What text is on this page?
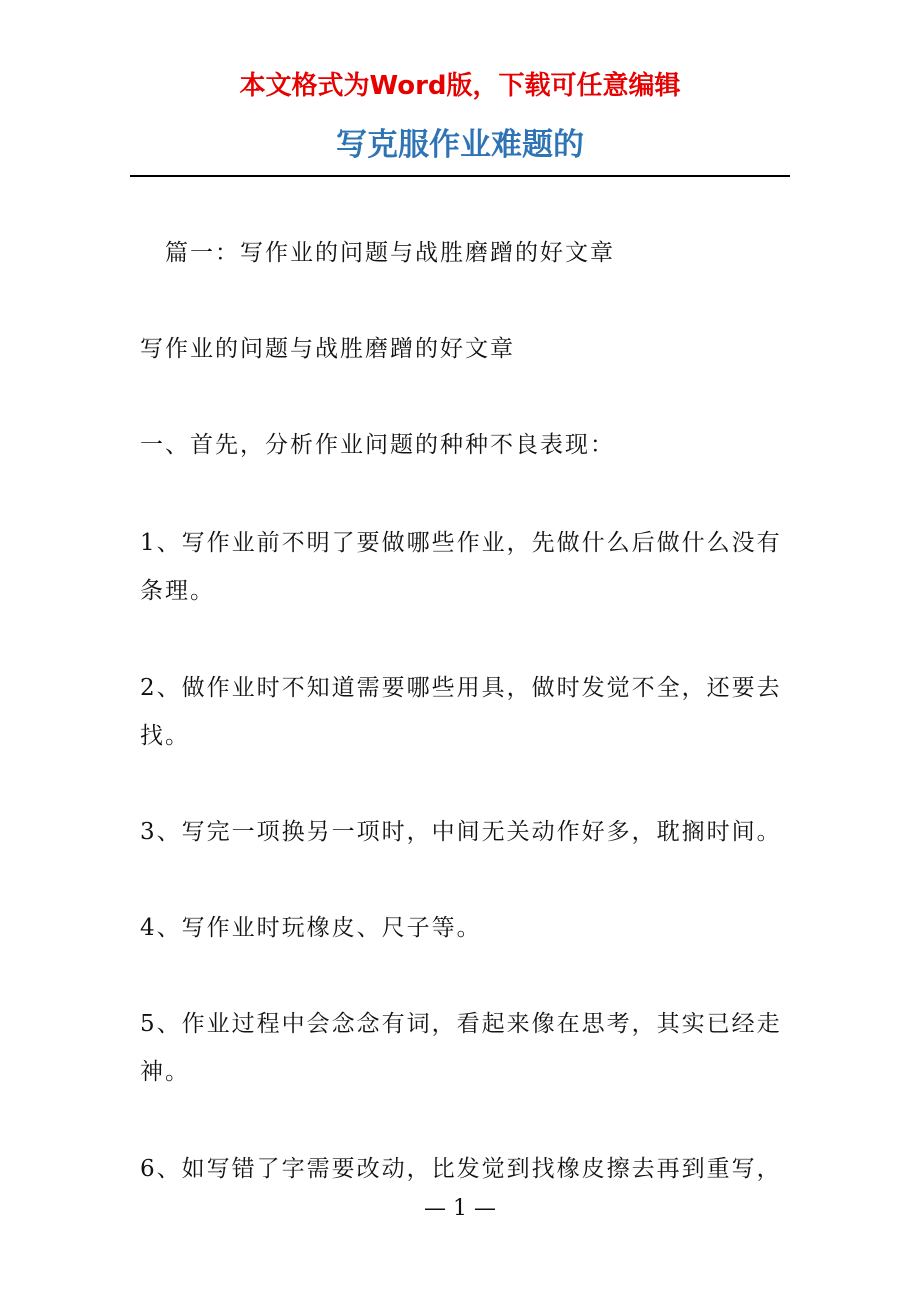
本文格式为Word版，下载可任意编辑
写克服作业难题的

篇一：写作业的问题与战胜磨蹭的好文章

写作业的问题与战胜磨蹭的好文章

一、首先，分析作业问题的种种不良表现：

1、写作业前不明了要做哪些作业，先做什么后做什么没有条理。

2、做作业时不知道需要哪些用具，做时发觉不全，还要去找。

3、写完一项换另一项时，中间无关动作好多，耽搁时间。

4、写作业时玩橡皮、尺子等。

5、作业过程中会念念有词，看起来像在思考，其实已经走神。

6、如写错了字需要改动，比发觉到找橡皮擦去再到重写，

— 1 —
